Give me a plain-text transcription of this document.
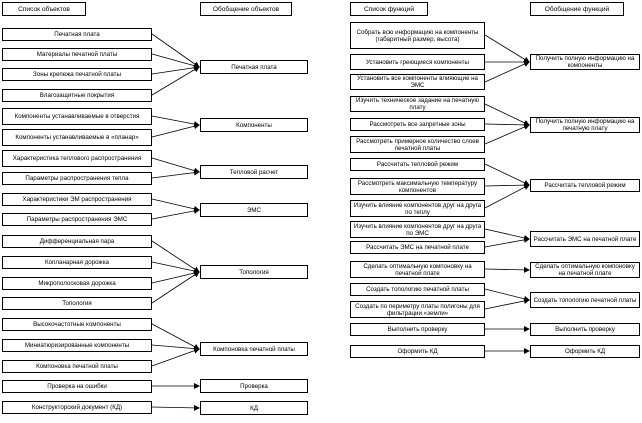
Список объектов	Обобщение объектов	Список функций	Обобщение функций
Печатная плата
Материалы печатной платы
Зоны крепежа печатной платы
Влагозащитные покрытия
Компоненты устанавливаемые в отверстия
Компоненты устанавливаемые в «планар»
Характеристика теплового распространения
Параметры распространения тепла
Характеристики ЭМ распространения
Параметры распространения ЭМС
Дифференциальная пара
Копланарная дорожка
Микрополосковая дорожка
Топология
Высокочастотные компоненты
Миниатюризированные компоненты
Компоновка печатной платы
Проверка на ошибки
Конструкторский документ (КД)
Печатная плата
Компоненты
Тепловой расчет
ЭМС
Топология
Компоновка печатной платы
Проверка
КД
Собрать всю информацию на компоненты (габаритный размер, высота)
Установить греющиеся компоненты
Установить все компоненты влияющие на ЭМС
Изучить техническое задание на печатную плату
Рассмотреть все запретные зоны
Рассмотреть примерное количество слоев печатной платы
Рассчитать тепловой режим
Рассмотреть максимальную температуру компонентов
Изучить влияние компонентов друг на друга по теплу
Изучить влияние компонентов друг на друга по ЭМС
Рассчитать ЭМС на печатной плате
Сделать оптимальную компоновку на печатной плате
Создать топологию печатной платы
Создать по периметру платы полигоны для фильтрации «земли»
Выполнить проверку
Оформить КД
Получить полную информацию на компоненты
Получить полную информацию на печатную плату
Рассчитать тепловой режим
Рассчитать ЭМС на печатной плате
Сделать оптимальную компоновку на печатной плате
Создать топологию печатной платы
Выполнить проверку
Оформить КД
